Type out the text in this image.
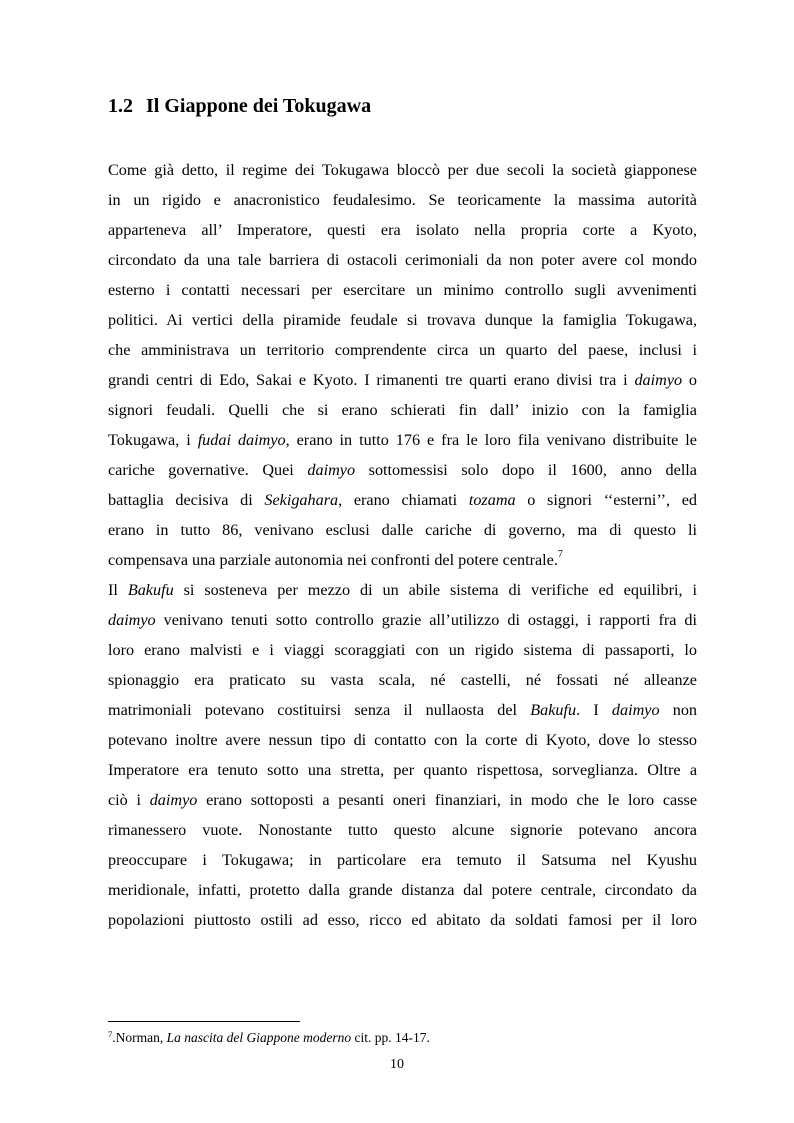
1.2 Il Giappone dei Tokugawa
Come già detto, il regime dei Tokugawa bloccò per due secoli la società giapponese
in un rigido e anacronistico feudalesimo. Se teoricamente la massima autorità
apparteneva all’ Imperatore, questi era isolato nella propria corte a Kyoto,
circondato da una tale barriera di ostacoli cerimoniali da non poter avere col mondo
esterno i contatti necessari per esercitare un minimo controllo sugli avvenimenti
politici. Ai vertici della piramide feudale si trovava dunque la famiglia Tokugawa,
che amministrava un territorio comprendente circa un quarto del paese, inclusi i
grandi centri di Edo, Sakai e Kyoto. I rimanenti tre quarti erano divisi tra i daimyo o
signori feudali. Quelli che si erano schierati fin dall’ inizio con la famiglia
Tokugawa, i fudai daimyo, erano in tutto 176 e fra le loro fila venivano distribuite le
cariche governative. Quei daimyo sottomessisi solo dopo il 1600, anno della
battaglia decisiva di Sekigahara, erano chiamati tozama o signori ‘‘esterni’’, ed
erano in tutto 86, venivano esclusi dalle cariche di governo, ma di questo li
compensava una parziale autonomia nei confronti del potere centrale.$^7$
Il Bakufu si sosteneva per mezzo di un abile sistema di verifiche ed equilibri, i
daimyo venivano tenuti sotto controllo grazie all’utilizzo di ostaggi, i rapporti fra di
loro erano malvisti e i viaggi scoraggiati con un rigido sistema di passaporti, lo
spionaggio era praticato su vasta scala, né castelli, né fossati né alleanze
matrimoniali potevano costituirsi senza il nullaosta del Bakufu. I daimyo non
potevano inoltre avere nessun tipo di contatto con la corte di Kyoto, dove lo stesso
Imperatore era tenuto sotto una stretta, per quanto rispettosa, sorveglianza. Oltre a
ciò i daimyo erano sottoposti a pesanti oneri finanziari, in modo che le loro casse
rimanessero vuote. Nonostante tutto questo alcune signorie potevano ancora
preoccupare i Tokugawa; in particolare era temuto il Satsuma nel Kyushu
meridionale, infatti, protetto dalla grande distanza dal potere centrale, circondato da
popolazioni piuttosto ostili ad esso, ricco ed abitato da soldati famosi per il loro
$^7$.Norman, La nascita del Giappone moderno cit. pp. 14-17.
10
